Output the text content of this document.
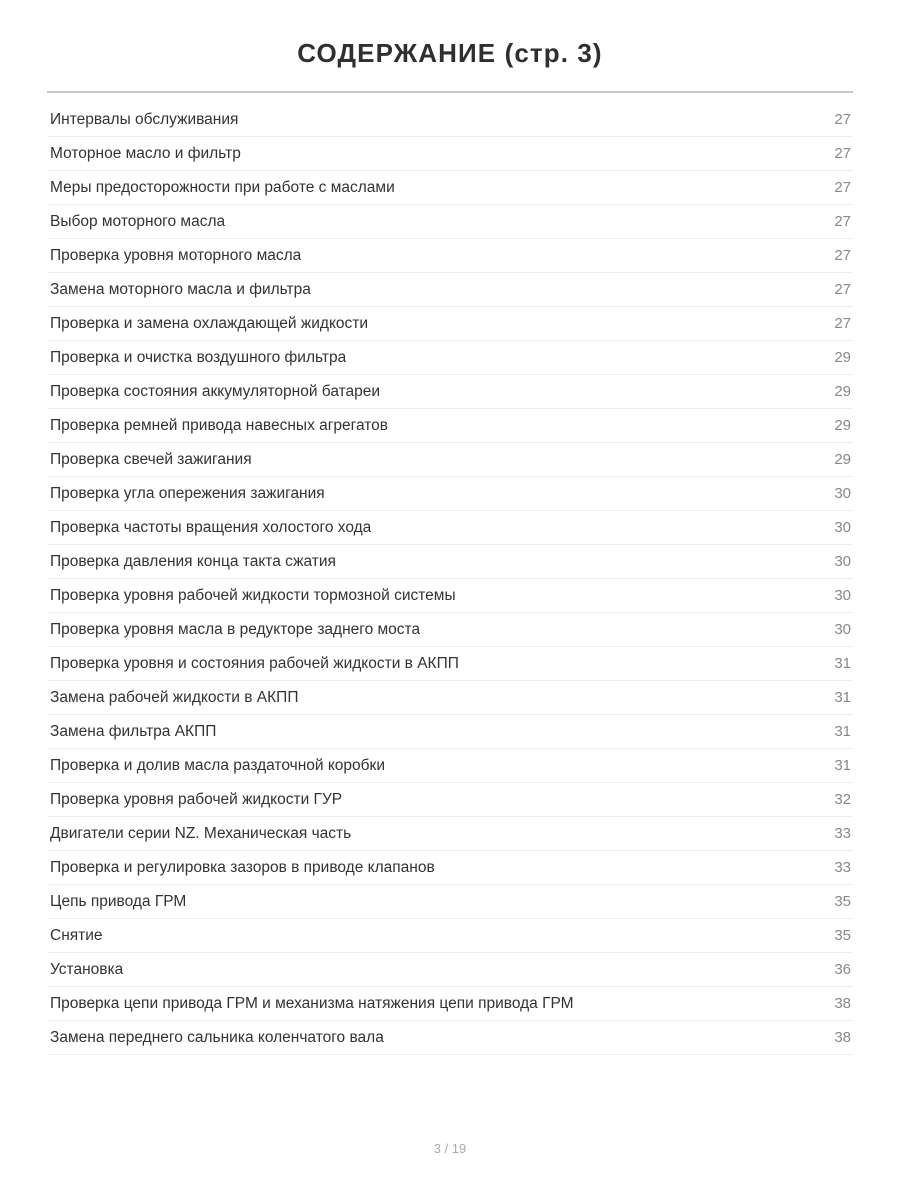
СОДЕРЖАНИЕ (стр. 3)
Интервалы обслуживания	27
Моторное масло и фильтр	27
Меры предосторожности при работе с маслами	27
Выбор моторного масла	27
Проверка уровня моторного масла	27
Замена моторного масла и фильтра	27
Проверка и замена охлаждающей жидкости	27
Проверка и очистка воздушного фильтра	29
Проверка состояния аккумуляторной батареи	29
Проверка ремней привода навесных агрегатов	29
Проверка свечей зажигания	29
Проверка угла опережения зажигания	30
Проверка частоты вращения холостого хода	30
Проверка давления конца такта сжатия	30
Проверка уровня рабочей жидкости тормозной системы	30
Проверка уровня масла в редукторе заднего моста	30
Проверка уровня и состояния рабочей жидкости в АКПП	31
Замена рабочей жидкости в АКПП	31
Замена фильтра АКПП	31
Проверка и долив масла раздаточной коробки	31
Проверка уровня рабочей жидкости ГУР	32
Двигатели серии NZ. Механическая часть	33
Проверка и регулировка зазоров в приводе клапанов	33
Цепь привода ГРМ	35
Снятие	35
Установка	36
Проверка цепи привода ГРМ и механизма натяжения цепи привода ГРМ	38
Замена переднего сальника коленчатого вала	38
3 / 19
